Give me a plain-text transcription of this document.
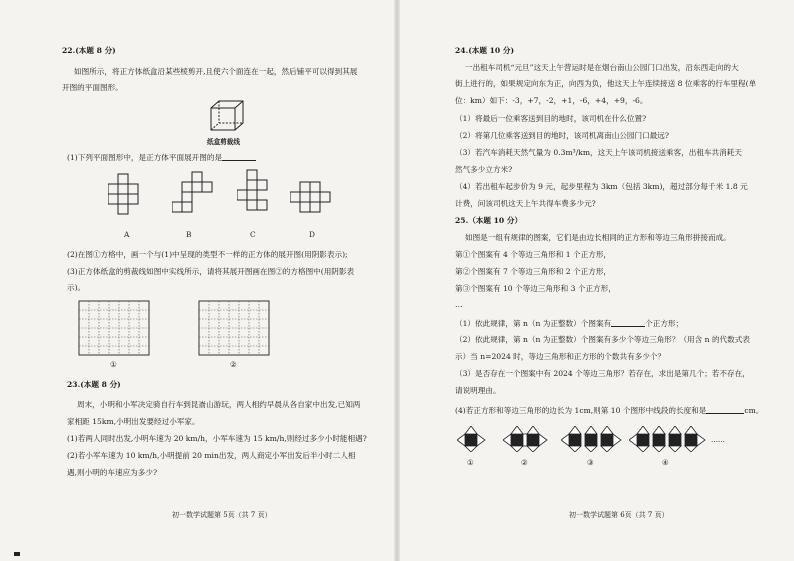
22.(本题 8 分)
如图所示，将正方体纸盒沿某些棱剪开,且使六个面连在一起，然后铺平可以得到其展
开图的平面图形。
纸盒剪裁线
(1)下列平面图形中，是正方体平面展开图的是
A	B	C	D
(2)在图①方格中，画一个与(1)中呈现的类型不一样的正方体的展开图(用阴影表示);
(3)正方体纸盒的剪裁线如图中实线所示，请将其展开图画在图②的方格图中(用阴影表
示)。
①	②
23.(本题 8 分)
周末，小明和小军决定骑自行车到昆嵛山游玩，两人相约早晨从各自家中出发,已知两
家相距 15km,小明出发要经过小军家。
(1)若两人同时出发,小明车速为 20 km/h，小军车速为 15 km/h,则经过多少小时能相遇?
(2)若小军车速为 10 km/h,小明提前 20 min出发，两人商定小军出发后半小时二人相
遇,则小明的车速应为多少?
初一数学试题第 5页（共 7 页）
24.(本题 10 分)
一出租车司机“元旦”这天上午营运时是在烟台南山公园门口出发，沿东西走向的大
街上进行的，如果规定向东为正，向西为负，他这天上午连续接送 8 位乘客的行车里程(单
位：km）如下：-3，+7，-2，+1，-6，+4，+9，-6。
（1）将最后一位乘客送到目的地时，该司机在什么位置?
（2）将第几位乘客送到目的地时，该司机离南山公园门口最远?
（3）若汽车消耗天然气量为 0.3m³/km，这天上午该司机接送乘客，出租车共消耗天
然气多少立方米?
（4）若出租车起步价为 9 元，起步里程为 3km（包括 3km)，超过部分每千米 1.8 元
计费，问该司机这天上午共得车费多少元?
25.（本题 10 分）
如图是一组有规律的图案，它们是由边长相同的正方形和等边三角形拼接而成。
第①个图案有 4 个等边三角形和 1 个正方形，
第②个图案有 7 个等边三角形和 2 个正方形，
第③个图案有 10 个等边三角形和 3 个正方形，
…
（1）依此规律，第 n（n 为正整数）个图案有	个正方形；
（2）依此规律，第 n（n 为正整数）个图案有多少个等边三角形？（用含 n 的代数式表
示）当 n=2024 时，等边三角形和正方形的个数共有多少个？
（3）是否存在一个图案中有 2024 个等边三角形？若存在，求出是第几个；若不存在，
请说明理由。
(4)若正方形和等边三角形的边长为 1cm,则第 10 个图形中线段的长度和是	cm。
……
①	②	③	④
初一数学试题第 6页（共 7 页）
